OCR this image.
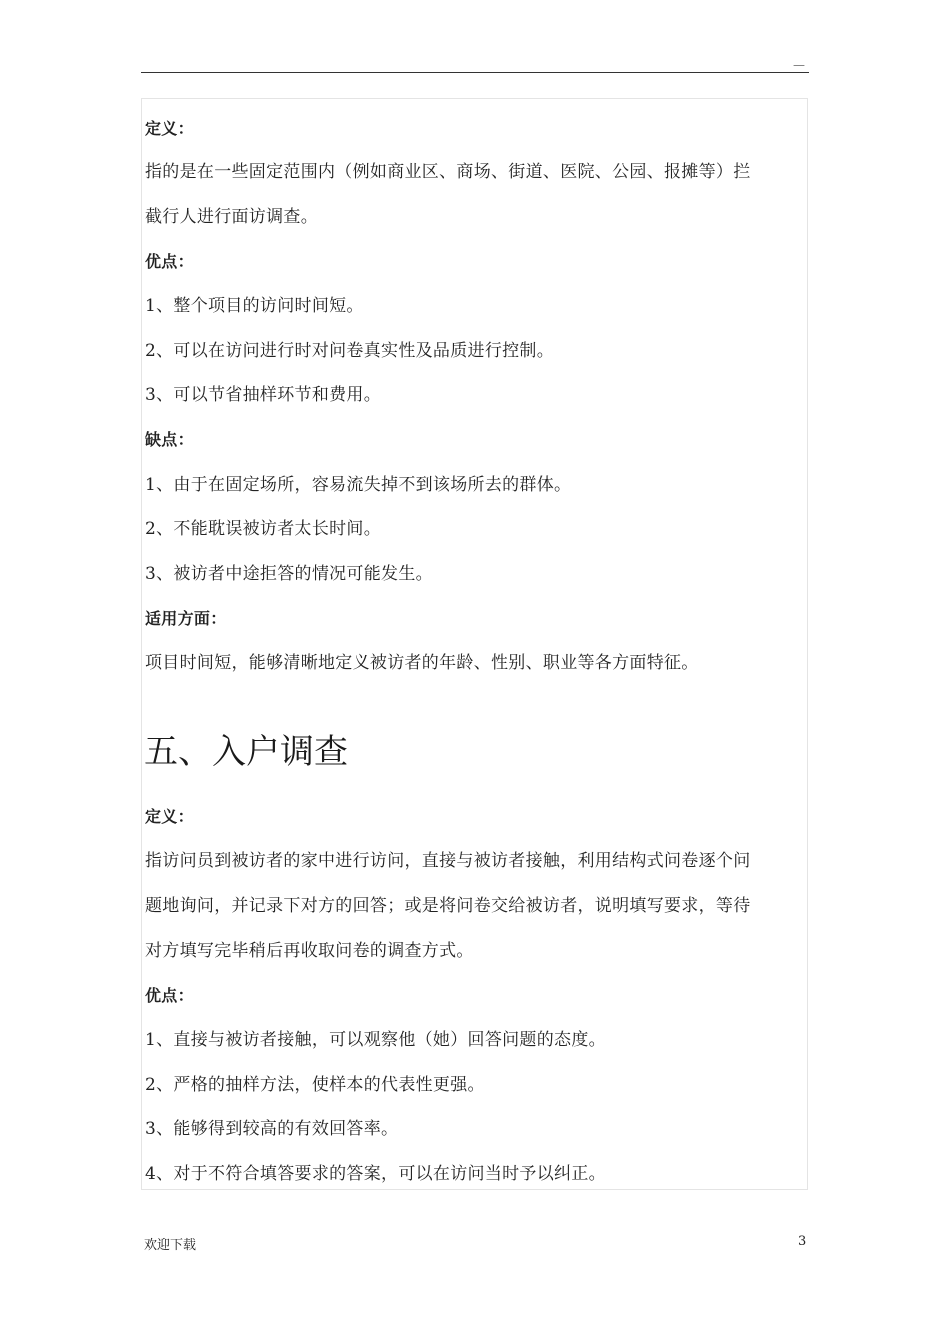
—
定义：
指的是在一些固定范围内（例如商业区、商场、街道、医院、公园、报摊等）拦
截行人进行面访调查。
优点：
1、整个项目的访问时间短。
2、可以在访问进行时对问卷真实性及品质进行控制。
3、可以节省抽样环节和费用。
缺点：
1、由于在固定场所，容易流失掉不到该场所去的群体。
2、不能耽误被访者太长时间。
3、被访者中途拒答的情况可能发生。
适用方面：
项目时间短，能够清晰地定义被访者的年龄、性别、职业等各方面特征。
五、入户调查
定义：
指访问员到被访者的家中进行访问，直接与被访者接触，利用结构式问卷逐个问
题地询问，并记录下对方的回答；或是将问卷交给被访者，说明填写要求，等待
对方填写完毕稍后再收取问卷的调查方式。
优点：
1、直接与被访者接触，可以观察他（她）回答问题的态度。
2、严格的抽样方法，使样本的代表性更强。
3、能够得到较高的有效回答率。
4、对于不符合填答要求的答案，可以在访问当时予以纠正。
欢迎下载	3
